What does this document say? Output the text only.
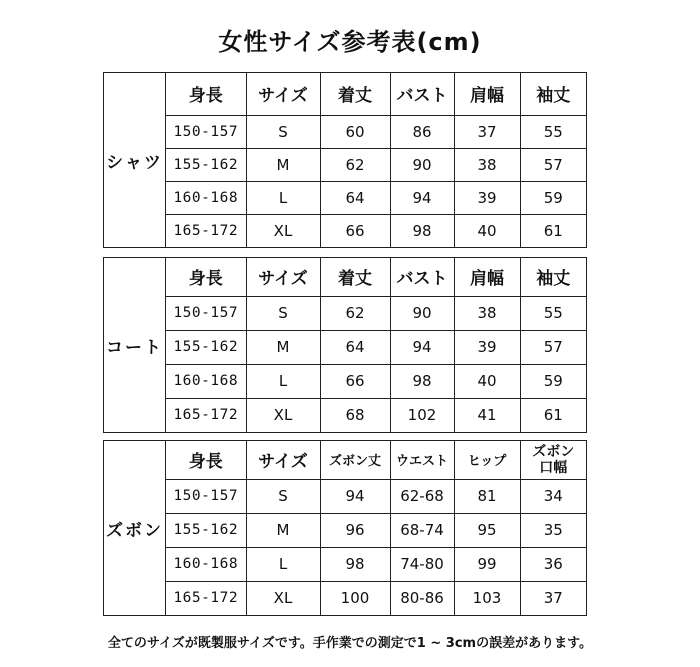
女性サイズ参考表(cm)
シャツ
身長	サイズ	着丈	バスト	肩幅	袖丈
150-157	S	60	86	37	55
155-162	M	62	90	38	57
160-168	L	64	94	39	59
165-172	XL	66	98	40	61
コート
身長	サイズ	着丈	バスト	肩幅	袖丈
150-157	S	62	90	38	55
155-162	M	64	94	39	57
160-168	L	66	98	40	59
165-172	XL	68	102	41	61
ズボン
身長	サイズ	ズボン丈	ウエスト	ヒップ	ズボン
口幅
150-157	S	94	62-68	81	34
155-162	M	96	68-74	95	35
160-168	L	98	74-80	99	36
165-172	XL	100	80-86	103	37
全てのサイズが既製服サイズです。手作業での測定で1 ~ 3cmの誤差があります。
